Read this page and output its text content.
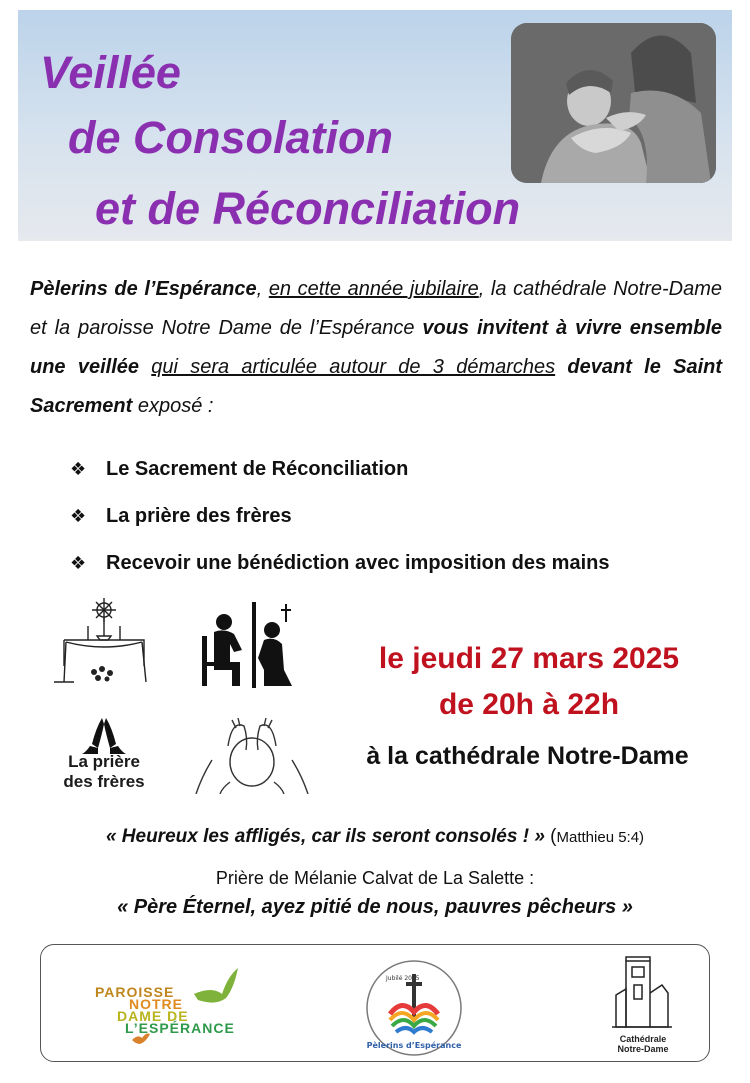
Veillée
de Consolation
et de Réconciliation
Pèlerins de l’Espérance, en cette année jubilaire, la cathédrale Notre-Dame et la paroisse Notre Dame de l’Espérance vous invitent à vivre ensemble une veillée qui sera articulée autour de 3 démarches devant le Saint Sacrement exposé :
❖ Le Sacrement de Réconciliation
❖ La prière des frères
❖ Recevoir une bénédiction avec imposition des mains
La prière
des frères
le jeudi 27 mars 2025
de 20h à 22h
à la cathédrale Notre-Dame
« Heureux les affligés, car ils seront consolés ! » (Matthieu 5:4)
Prière de Mélanie Calvat de La Salette :
« Père Éternel, ayez pitié de nous, pauvres pêcheurs »
PAROISSE
NOTRE
DAME DE
L’ESPÉRANCE
Pèlerins d’Espérance
Jubilé 2025
Cathédrale
Notre-Dame
